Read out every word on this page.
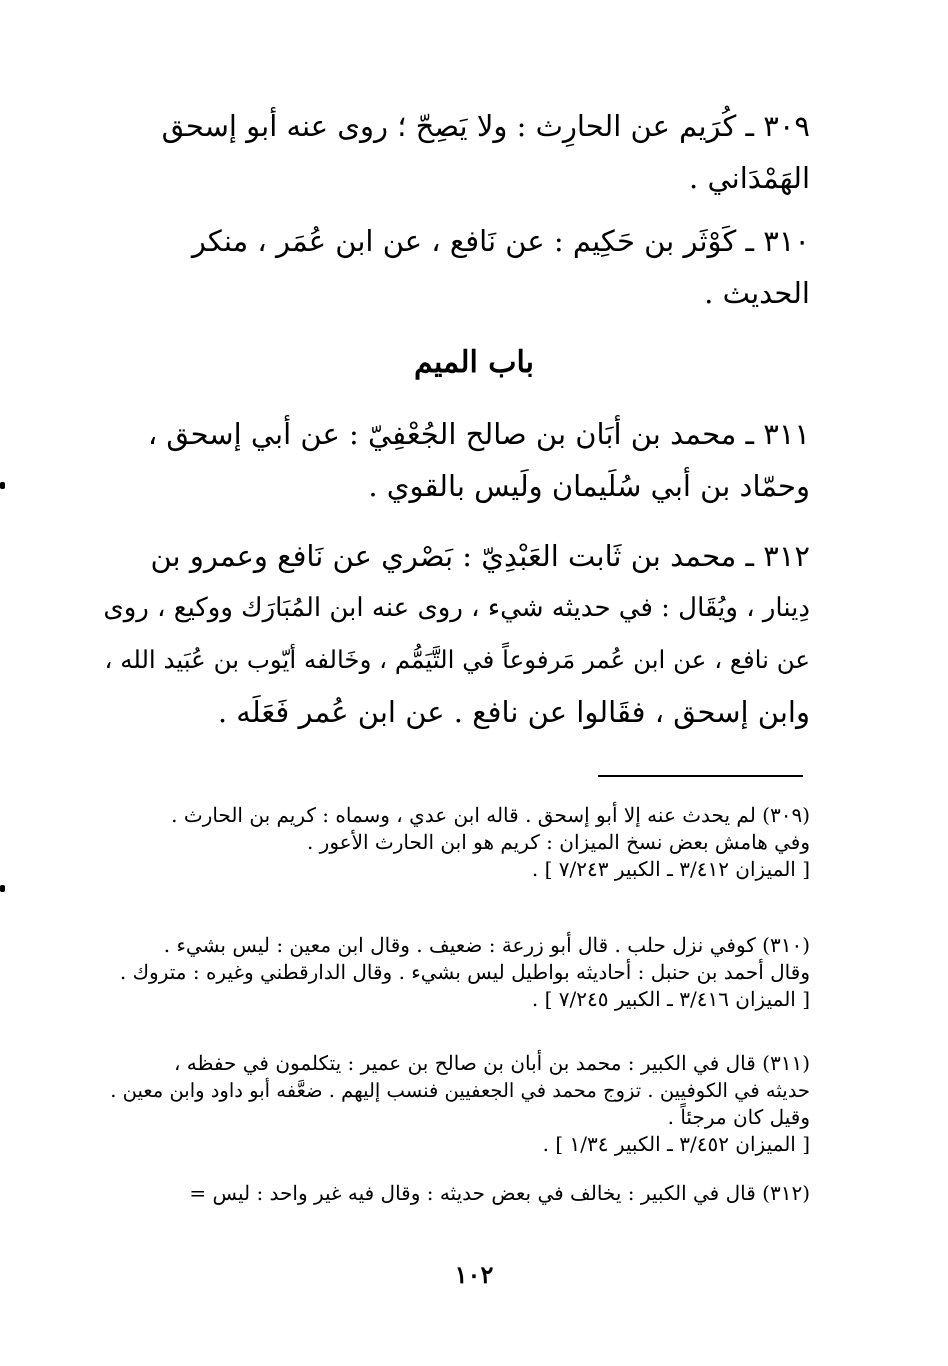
٣٠٩ ـ كُرَيم عن الحارِث : ولا يَصِحّ ؛ روى عنه أبو إسحق
الهَمْدَاني .
٣١٠ ـ كَوْثَر بن حَكِيم : عن نَافع ، عن ابن عُمَر ، منكر
الحديث .
باب الميم
٣١١ ـ محمد بن أبَان بن صالح الجُعْفِيّ : عن أبي إسحق ،
وحمّاد بن أبي سُلَيمان ولَيس بالقوي .
٣١٢ ـ محمد بن ثَابت العَبْدِيّ : بَصْري عن نَافع وعمرو بن
دِينار ، ويُقَال : في حديثه شيء ، روى عنه ابن المُبَارَك ووكيع ، روى
عن نافع ، عن ابن عُمر مَرفوعاً في التَّيَمُّم ، وخَالفه أيّوب بن عُبَيد الله ،
وابن إسحق ، فقَالوا عن نافع . عن ابن عُمر فَعَلَه .
(٣٠٩) لم يحدث عنه إلا أبو إسحق . قاله ابن عدي ، وسماه : كريم بن الحارث .
وفي هامش بعض نسخ الميزان : كريم هو ابن الحارث الأعور .
[ الميزان ٣/٤١٢ ـ الكبير ٧/٢٤٣ ] .
(٣١٠) كوفي نزل حلب . قال أبو زرعة : ضعيف . وقال ابن معين : ليس بشيء .
وقال أحمد بن حنبل : أحاديثه بواطيل ليس بشيء . وقال الدارقطني وغيره : متروك .
[ الميزان ٣/٤١٦ ـ الكبير ٧/٢٤٥ ] .
(٣١١) قال في الكبير : محمد بن أبان بن صالح بن عمير : يتكلمون في حفظه ،
حديثه في الكوفيين . تزوج محمد في الجعفيين فنسب إليهم . ضعَّفه أبو داود وابن معين .
وقيل كان مرجئاً .
[ الميزان ٣/٤٥٢ ـ الكبير ١/٣٤ ] .
(٣١٢) قال في الكبير : يخالف في بعض حديثه : وقال فيه غير واحد : ليس =
١٠٢
